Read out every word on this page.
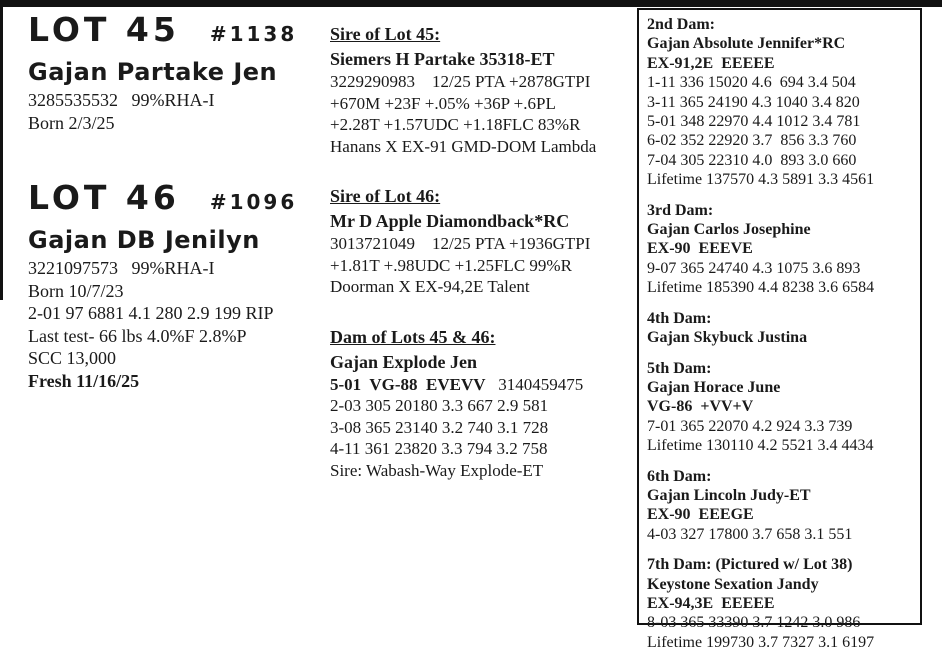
LOT 45 #1138
Gajan Partake Jen
3285535532   99%RHA-I
Born 2/3/25
LOT 46 #1096
Gajan DB Jenilyn
3221097573   99%RHA-I
Born 10/7/23
2-01 97 6881 4.1 280 2.9 199 RIP
Last test- 66 lbs 4.0%F 2.8%P
SCC 13,000
Fresh 11/16/25
Sire of Lot 45:
Siemers H Partake 35318-ET
3229290983    12/25 PTA +2878GTPI
+670M +23F +.05% +36P +.6PL
+2.28T +1.57UDC +1.18FLC 83%R
Hanans X EX-91 GMD-DOM Lambda
Sire of Lot 46:
Mr D Apple Diamondback*RC
3013721049    12/25 PTA +1936GTPI
+1.81T +.98UDC +1.25FLC 99%R
Doorman X EX-94,2E Talent
Dam of Lots 45 & 46:
Gajan Explode Jen
5-01  VG-88  EVEVV   3140459475
2-03 305 20180 3.3 667 2.9 581
3-08 365 23140 3.2 740 3.1 728
4-11 361 23820 3.3 794 3.2 758
Sire: Wabash-Way Explode-ET
2nd Dam:
Gajan Absolute Jennifer*RC
EX-91,2E  EEEEE
1-11 336 15020 4.6  694 3.4 504
3-11 365 24190 4.3 1040 3.4 820
5-01 348 22970 4.4 1012 3.4 781
6-02 352 22920 3.7  856 3.3 760
7-04 305 22310 4.0  893 3.0 660
Lifetime 137570 4.3 5891 3.3 4561
3rd Dam:
Gajan Carlos Josephine
EX-90  EEEVE
9-07 365 24740 4.3 1075 3.6 893
Lifetime 185390 4.4 8238 3.6 6584
4th Dam:
Gajan Skybuck Justina
5th Dam:
Gajan Horace June
VG-86  +VV+V
7-01 365 22070 4.2 924 3.3 739
Lifetime 130110 4.2 5521 3.4 4434
6th Dam:
Gajan Lincoln Judy-ET
EX-90  EEEGE
4-03 327 17800 3.7 658 3.1 551
7th Dam: (Pictured w/ Lot 38)
Keystone Sexation Jandy
EX-94,3E  EEEEE
8-03 365 33390 3.7 1242 3.0 986
Lifetime 199730 3.7 7327 3.1 6197
